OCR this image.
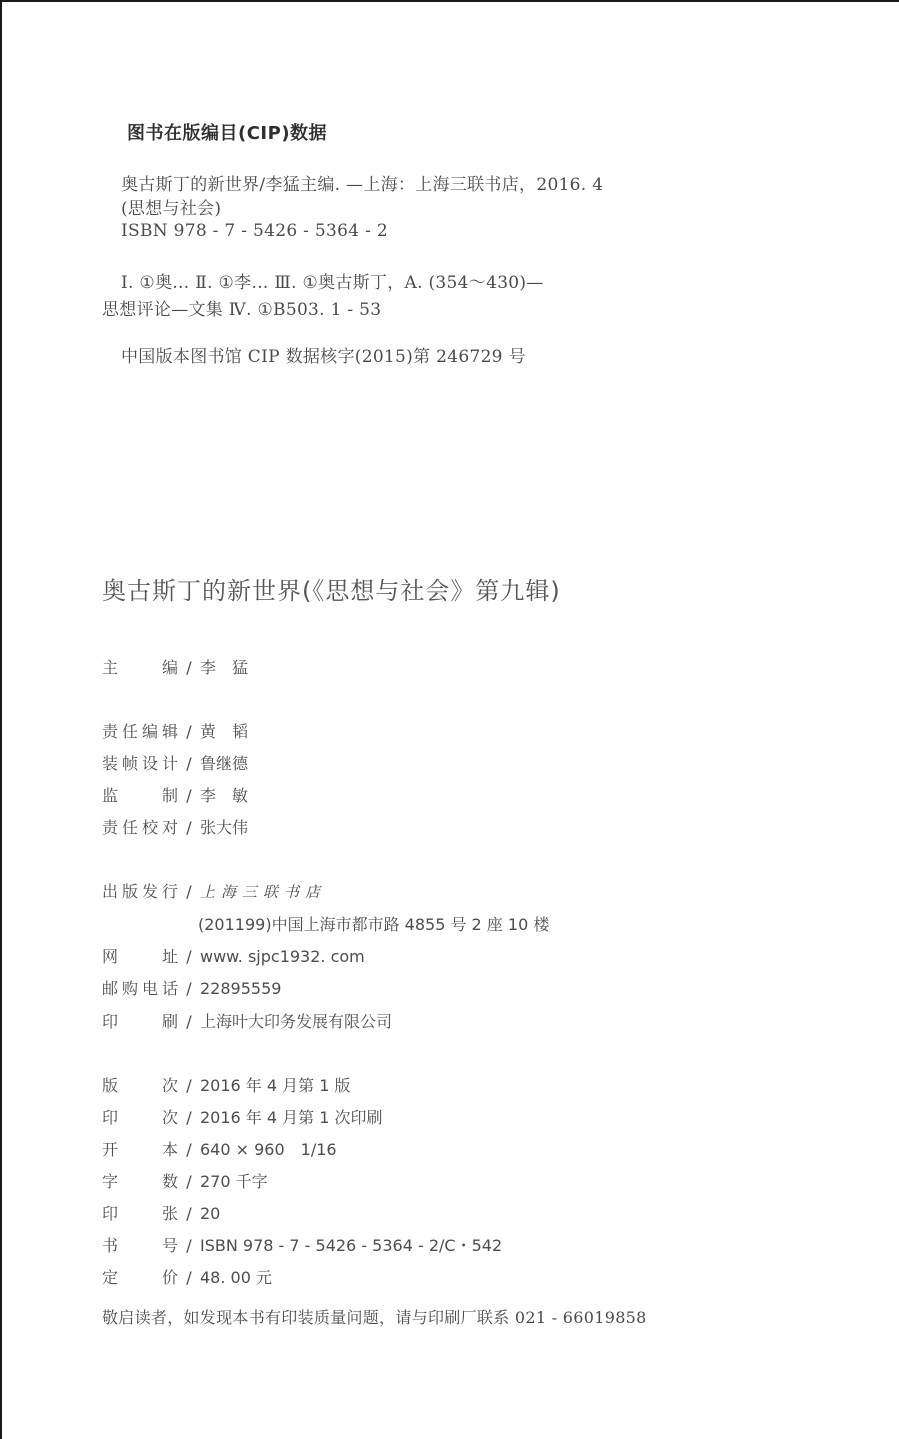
图书在版编目(CIP)数据
奥古斯丁的新世界/李猛主编. —上海：上海三联书店，2016. 4
(思想与社会)
ISBN 978 - 7 - 5426 - 5364 - 2
Ⅰ. ①奥… Ⅱ. ①李… Ⅲ. ①奥古斯丁，A. (354～430)—
思想评论—文集 Ⅳ. ①B503. 1 - 53
中国版本图书馆 CIP 数据核字(2015)第 246729 号
奥古斯丁的新世界(《思想与社会》第九辑)
主　　编 / 李　猛
责任编辑 / 黄　韬
装帧设计 / 鲁继德
监　　制 / 李　敏
责任校对 / 张大伟
出版发行 / 上海三联书店
(201199)中国上海市都市路 4855 号 2 座 10 楼
网　　址 / www. sjpc1932. com
邮购电话 / 22895559
印　　刷 / 上海叶大印务发展有限公司
版　　次 / 2016 年 4 月第 1 版
印　　次 / 2016 年 4 月第 1 次印刷
开　　本 / 640 × 960　1/16
字　　数 / 270 千字
印　　张 / 20
书　　号 / ISBN 978 - 7 - 5426 - 5364 - 2/C・542
定　　价 / 48. 00 元
敬启读者，如发现本书有印装质量问题，请与印刷厂联系 021 - 66019858
